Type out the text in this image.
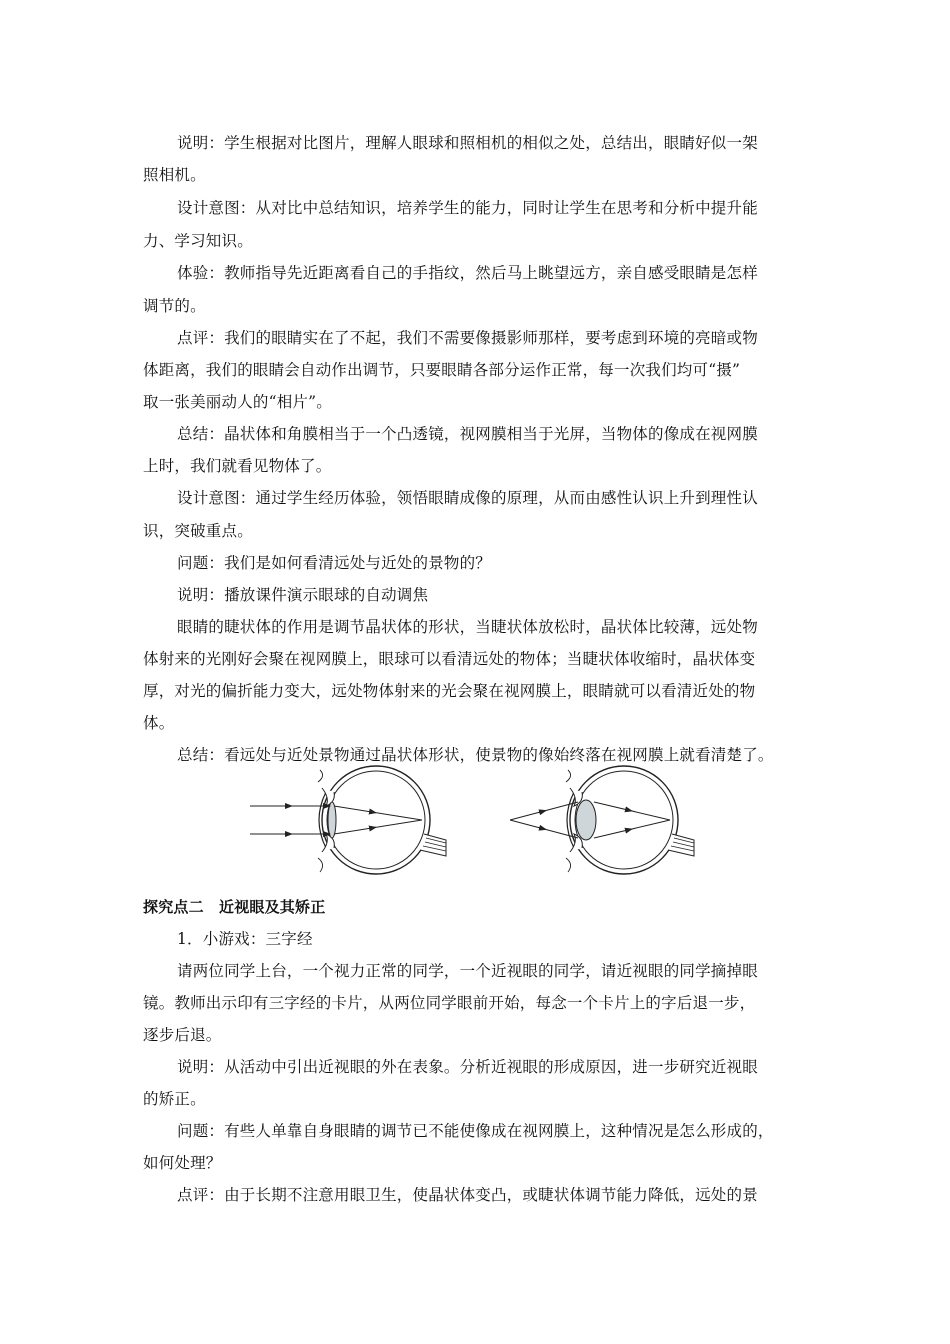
说明：学生根据对比图片，理解人眼球和照相机的相似之处，总结出，眼睛好似一架
照相机。
设计意图：从对比中总结知识，培养学生的能力，同时让学生在思考和分析中提升能
力、学习知识。
体验：教师指导先近距离看自己的手指纹，然后马上眺望远方，亲自感受眼睛是怎样
调节的。
点评：我们的眼睛实在了不起，我们不需要像摄影师那样，要考虑到环境的亮暗或物
体距离，我们的眼睛会自动作出调节，只要眼睛各部分运作正常，每一次我们均可“摄”
取一张美丽动人的“相片”。
总结：晶状体和角膜相当于一个凸透镜，视网膜相当于光屏，当物体的像成在视网膜
上时，我们就看见物体了。
设计意图：通过学生经历体验，领悟眼睛成像的原理，从而由感性认识上升到理性认
识，突破重点。
问题：我们是如何看清远处与近处的景物的？
说明：播放课件演示眼球的自动调焦
眼睛的睫状体的作用是调节晶状体的形状，当睫状体放松时，晶状体比较薄，远处物
体射来的光刚好会聚在视网膜上，眼球可以看清远处的物体；当睫状体收缩时，晶状体变
厚，对光的偏折能力变大，远处物体射来的光会聚在视网膜上，眼睛就可以看清近处的物
体。
总结：看远处与近处景物通过晶状体形状，使景物的像始终落在视网膜上就看清楚了。
探究点二　近视眼及其矫正
1．小游戏：三字经
请两位同学上台，一个视力正常的同学，一个近视眼的同学，请近视眼的同学摘掉眼
镜。教师出示印有三字经的卡片，从两位同学眼前开始，每念一个卡片上的字后退一步，
逐步后退。
说明：从活动中引出近视眼的外在表象。分析近视眼的形成原因，进一步研究近视眼
的矫正。
问题：有些人单靠自身眼睛的调节已不能使像成在视网膜上，这种情况是怎么形成的，
如何处理？
点评：由于长期不注意用眼卫生，使晶状体变凸，或睫状体调节能力降低，远处的景
